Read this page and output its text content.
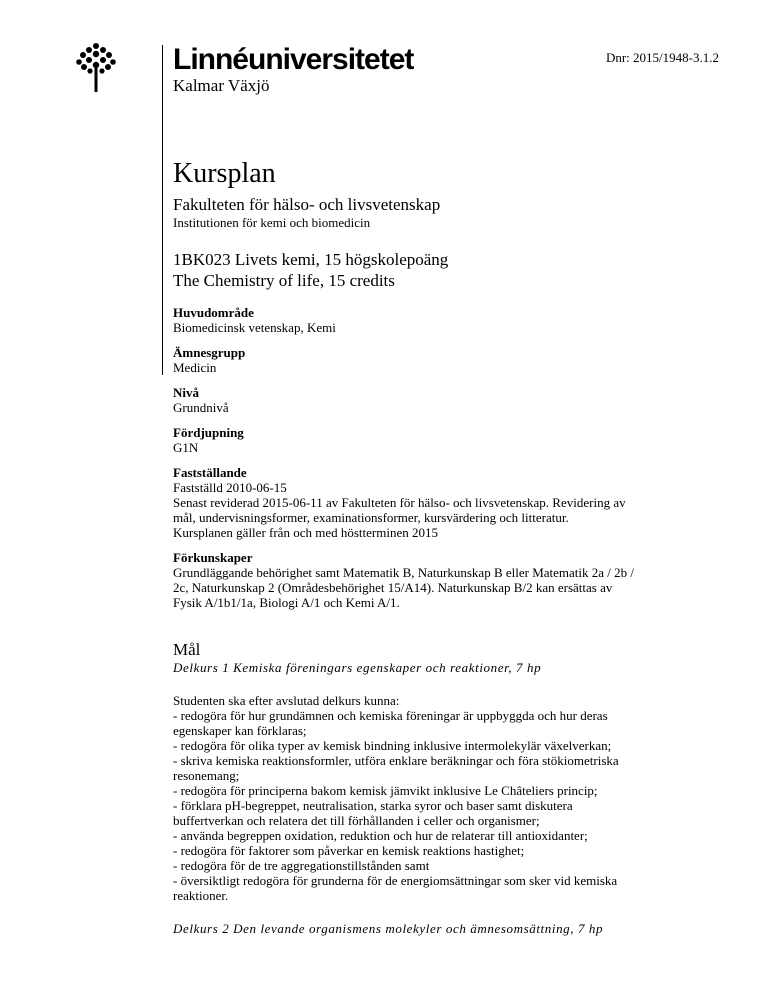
Linnéuniversitetet
Kalmar Växjö
Dnr: 2015/1948-3.1.2
Kursplan
Fakulteten för hälso- och livsvetenskap
Institutionen för kemi och biomedicin
1BK023 Livets kemi, 15 högskolepoäng
The Chemistry of life, 15 credits
Huvudområde
Biomedicinsk vetenskap, Kemi
Ämnesgrupp
Medicin
Nivå
Grundnivå
Fördjupning
G1N
Fastställande
Fastställd 2010-06-15
Senast reviderad 2015-06-11 av Fakulteten för hälso- och livsvetenskap. Revidering av
mål, undervisningsformer, examinationsformer, kursvärdering och litteratur.
Kursplanen gäller från och med höstterminen 2015
Förkunskaper
Grundläggande behörighet samt Matematik B, Naturkunskap B eller Matematik 2a / 2b /
2c, Naturkunskap 2 (Områdesbehörighet 15/A14). Naturkunskap B/2 kan ersättas av
Fysik A/1b1/1a, Biologi A/1 och Kemi A/1.
Mål
Delkurs 1 Kemiska föreningars egenskaper och reaktioner, 7 hp
Studenten ska efter avslutad delkurs kunna:
- redogöra för hur grundämnen och kemiska föreningar är uppbyggda och hur deras
egenskaper kan förklaras;
- redogöra för olika typer av kemisk bindning inklusive intermolekylär växelverkan;
- skriva kemiska reaktionsformler, utföra enklare beräkningar och föra stökiometriska
resonemang;
- redogöra för principerna bakom kemisk jämvikt inklusive Le Châteliers princip;
- förklara pH-begreppet, neutralisation, starka syror och baser samt diskutera
buffertverkan och relatera det till förhållanden i celler och organismer;
- använda begreppen oxidation, reduktion och hur de relaterar till antioxidanter;
- redogöra för faktorer som påverkar en kemisk reaktions hastighet;
- redogöra för de tre aggregationstillstånden samt
- översiktligt redogöra för grunderna för de energiomsättningar som sker vid kemiska
reaktioner.
Delkurs 2 Den levande organismens molekyler och ämnesomsättning, 7 hp
